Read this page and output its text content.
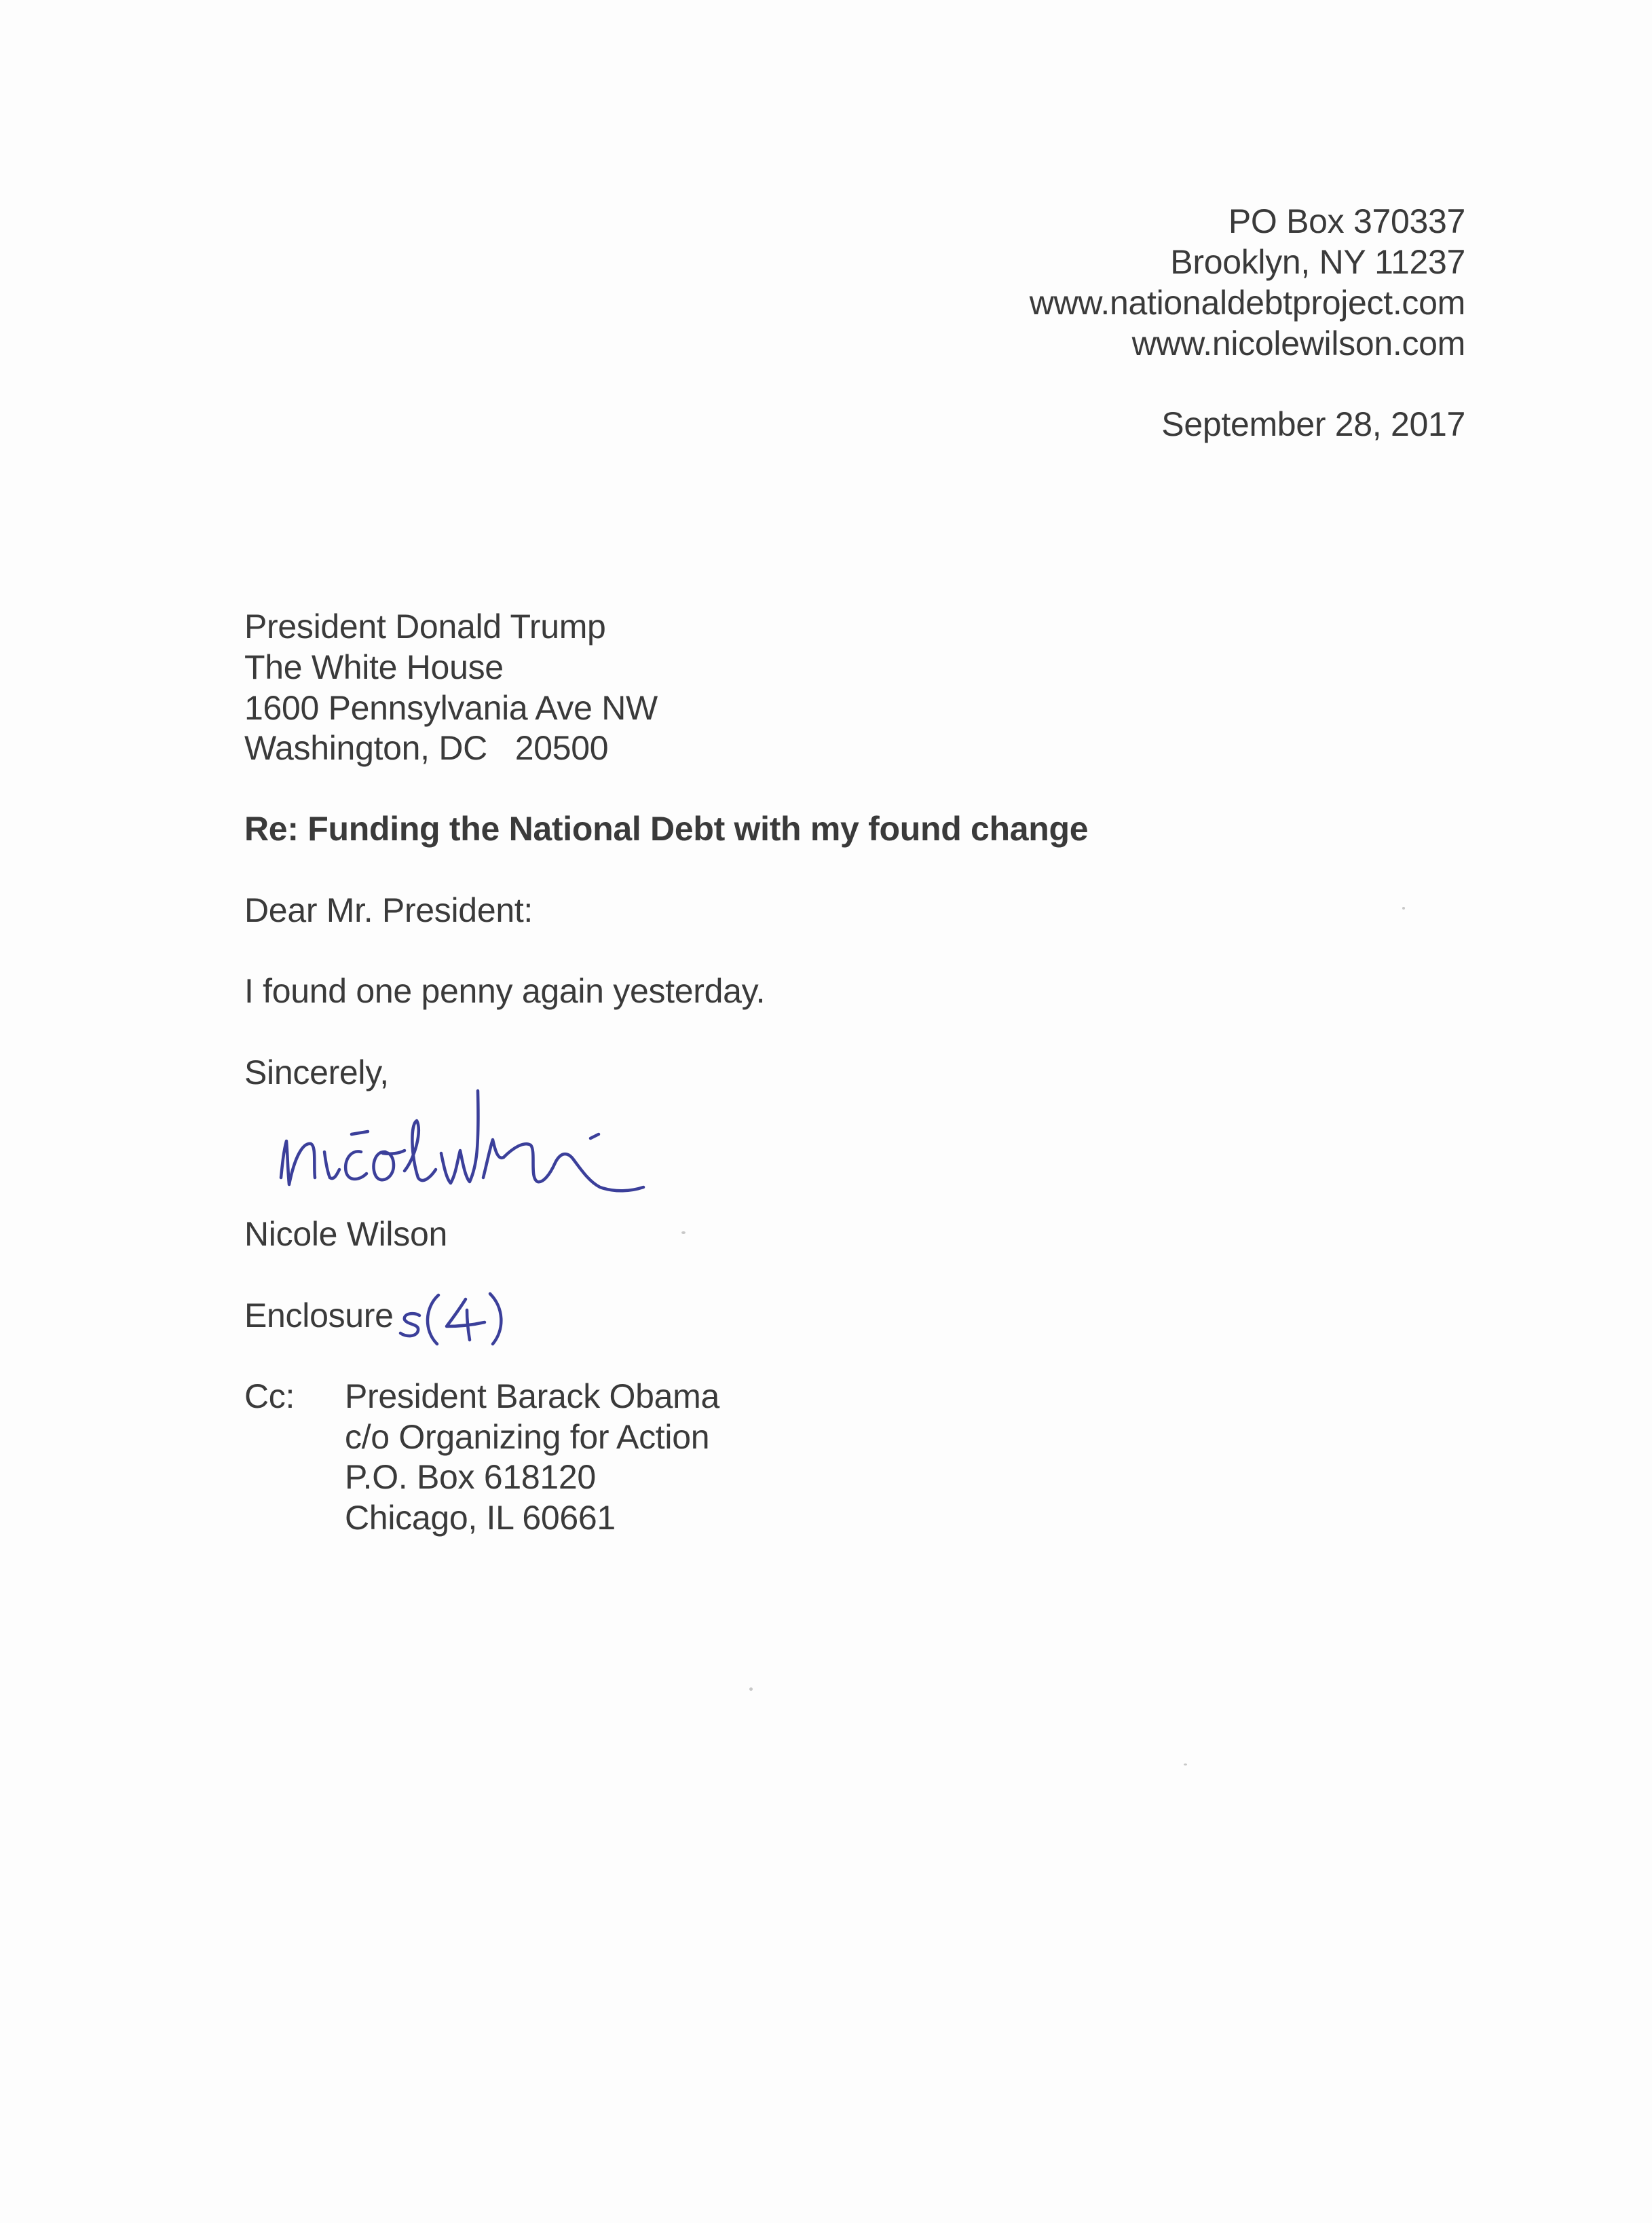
PO Box 370337
Brooklyn, NY 11237
www.nationaldebtproject.com
www.nicolewilson.com
September 28, 2017
President Donald Trump
The White House
1600 Pennsylvania Ave NW
Washington, DC   20500
Re: Funding the National Debt with my found change
Dear Mr. President:
I found one penny again yesterday.
Sincerely,
Nicole Wilson
Enclosure
Cc: President Barack Obama
c/o Organizing for Action
P.O. Box 618120
Chicago, IL 60661
